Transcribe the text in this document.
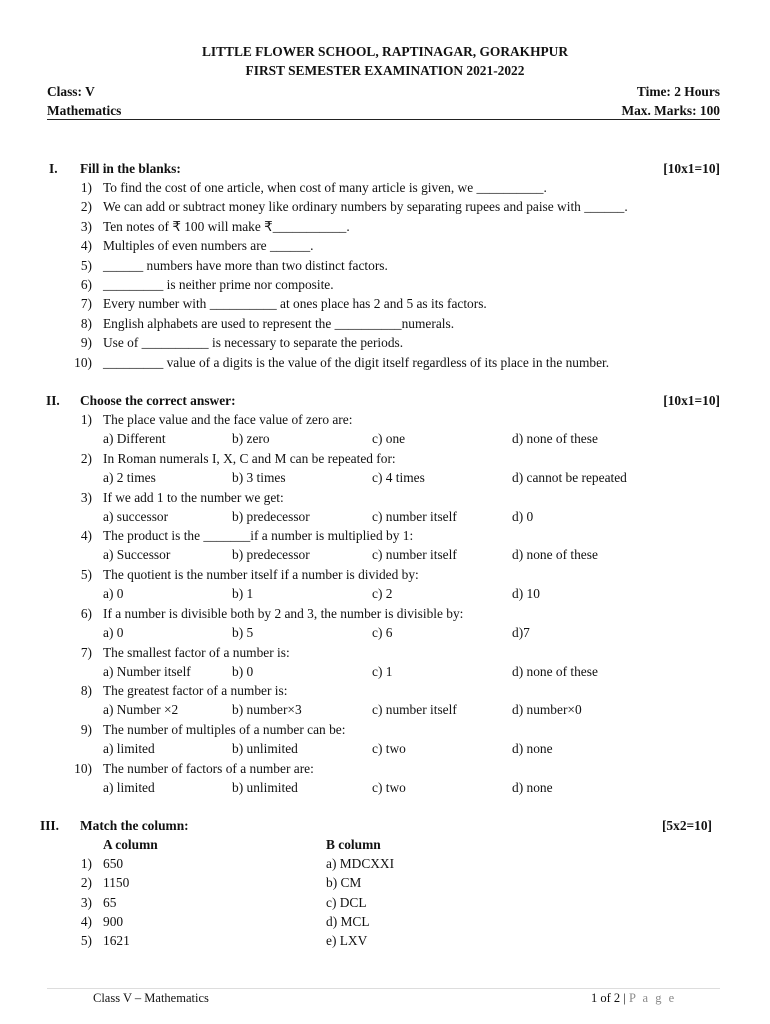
LITTLE FLOWER SCHOOL, RAPTINAGAR, GORAKHPUR
FIRST SEMESTER EXAMINATION 2021-2022
Class: V	Time: 2 Hours
Mathematics	Max. Marks: 100
I. Fill in the blanks:	[10x1=10]
1) To find the cost of one article, when cost of many article is given, we __________.
2) We can add or subtract money like ordinary numbers by separating rupees and paise with ______.
3) Ten notes of ₹ 100 will make ₹___________.
4) Multiples of even numbers are ______.
5) ______ numbers have more than two distinct factors.
6) _________ is neither prime nor composite.
7) Every number with __________ at ones place has 2 and 5 as its factors.
8) English alphabets are used to represent the __________numerals.
9) Use of __________ is necessary to separate the periods.
10) _________ value of a digits is the value of the digit itself regardless of its place in the number.
II. Choose the correct answer:	[10x1=10]
1) The place value and the face value of zero are:
a) Different	b) zero	c) one	d) none of these
2) In Roman numerals I, X, C and M can be repeated for:
a) 2 times	b) 3 times	c) 4 times	d) cannot be repeated
3) If we add 1 to the number we get:
a) successor	b) predecessor	c) number itself	d) 0
4) The product is the _______if a number is multiplied by 1:
a) Successor	b) predecessor	c) number itself	d) none of these
5) The quotient is the number itself if a number is divided by:
a) 0	b) 1	c) 2	d) 10
6) If a number is divisible both by 2 and 3, the number is divisible by:
a) 0	b) 5	c) 6	d)7
7) The smallest factor of a number is:
a) Number itself	b) 0	c) 1	d) none of these
8) The greatest factor of a number is:
a) Number ×2	b) number×3	c) number itself	d) number×0
9) The number of multiples of a number can be:
a) limited	b) unlimited	c) two	d) none
10) The number of factors of a number are:
a) limited	b) unlimited	c) two	d) none
III. Match the column:	[5x2=10]
A column	B column
1) 650	a) MDCXXI
2) 1150	b) CM
3) 65	c) DCL
4) 900	d) MCL
5) 1621	e) LXV
Class V – Mathematics	1 of 2 | P a g e
